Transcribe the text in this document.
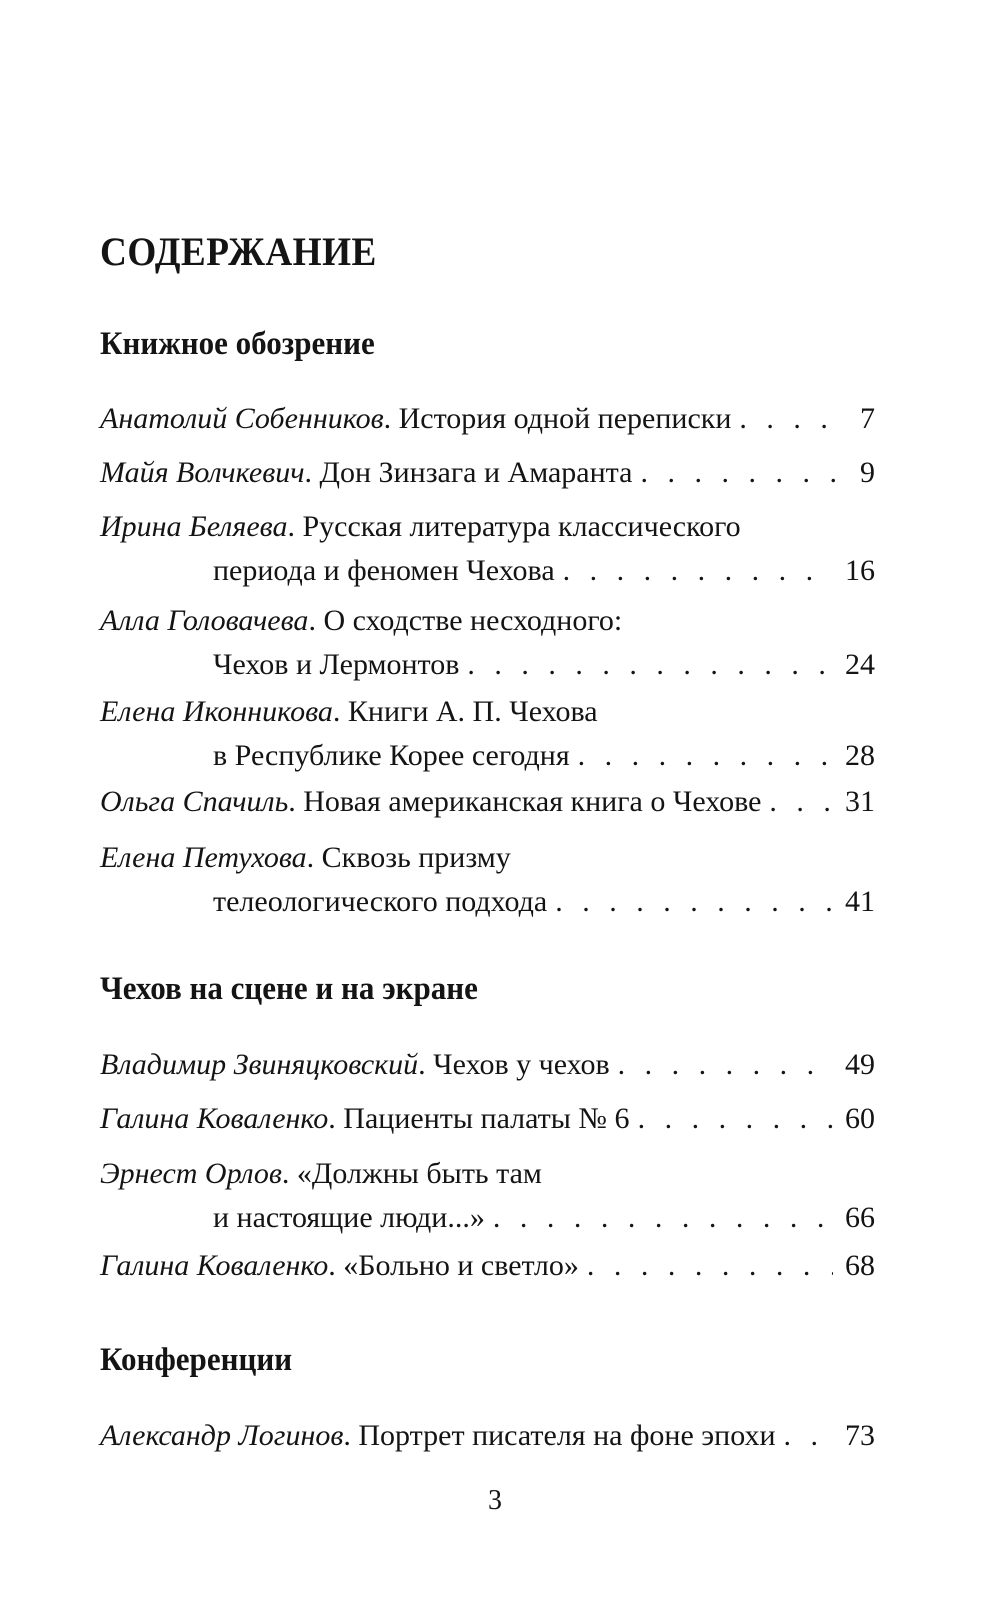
СОДЕРЖАНИЕ
Книжное обозрение
Анатолий Собенников. История одной переписки . . .	7
Майя Волчкевич. Дон Зинзага и Амаранта . . .	9
Ирина Беляева. Русская литература классического
периода и феномен Чехова . . .	16
Алла Головачева. О сходстве несходного:
Чехов и Лермонтов . . .	24
Елена Иконникова. Книги А. П. Чехова
в Республике Корее сегодня . . .	28
Ольга Спачиль. Новая американская книга о Чехове . . .	31
Елена Петухова. Сквозь призму
телеологического подхода . . .	41
Чехов на сцене и на экране
Владимир Звиняцковский. Чехов у чехов . . .	49
Галина Коваленко. Пациенты палаты № 6 . . .	60
Эрнест Орлов. «Должны быть там
и настоящие люди...» . . .	66
Галина Коваленко. «Больно и светло» . . .	68
Конференции
Александр Логинов. Портрет писателя на фоне эпохи . . . 73
3
